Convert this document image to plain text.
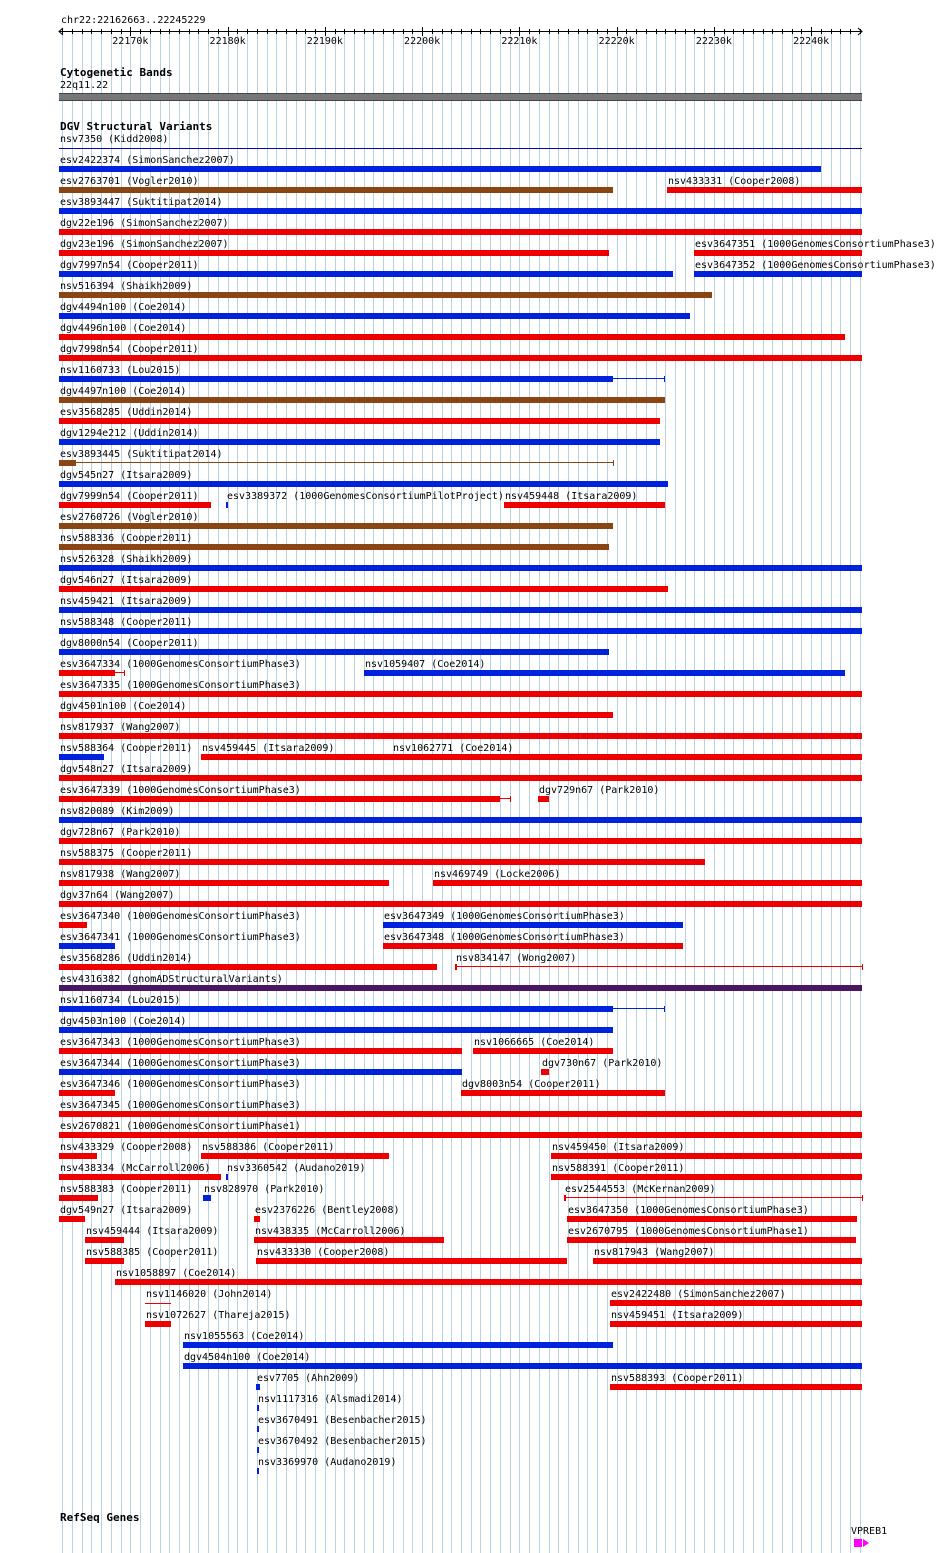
chr22:22162663..22245229
22170k	22180k	22190k	22200k	22210k	22220k	22230k	22240k
Cytogenetic Bands
22q11.22
DGV Structural Variants
nsv7350 (Kidd2008)
esv2422374 (SimonSanchez2007)
esv2763701 (Vogler2010)	nsv433331 (Cooper2008)
esv3893447 (Suktitipat2014)
dgv22e196 (SimonSanchez2007)
dgv23e196 (SimonSanchez2007)	esv3647351 (1000GenomesConsortiumPhase3)
dgv7997n54 (Cooper2011)	esv3647352 (1000GenomesConsortiumPhase3)
nsv516394 (Shaikh2009)
dgv4494n100 (Coe2014)
dgv4496n100 (Coe2014)
dgv7998n54 (Cooper2011)
nsv1160733 (Lou2015)
dgv4497n100 (Coe2014)
esv3568285 (Uddin2014)
dgv1294e212 (Uddin2014)
esv3893445 (Suktitipat2014)
dgv545n27 (Itsara2009)
dgv7999n54 (Cooper2011)	esv3389372 (1000GenomesConsortiumPilotProject) nsv459448 (Itsara2009)
esv2760726 (Vogler2010)
nsv588336 (Cooper2011)
nsv526328 (Shaikh2009)
dgv546n27 (Itsara2009)
nsv459421 (Itsara2009)
nsv588348 (Cooper2011)
dgv8000n54 (Cooper2011)
esv3647334 (1000GenomesConsortiumPhase3)	nsv1059407 (Coe2014)
esv3647335 (1000GenomesConsortiumPhase3)
dgv4501n100 (Coe2014)
nsv817937 (Wang2007)
nsv588364 (Cooper2011) nsv459445 (Itsara2009)	nsv1062771 (Coe2014)
dgv548n27 (Itsara2009)
esv3647339 (1000GenomesConsortiumPhase3)	dgv729n67 (Park2010)
nsv820089 (Kim2009)
dgv728n67 (Park2010)
nsv588375 (Cooper2011)
nsv817938 (Wang2007)	nsv469749 (Locke2006)
dgv37n64 (Wang2007)
esv3647340 (1000GenomesConsortiumPhase3)	esv3647349 (1000GenomesConsortiumPhase3)
esv3647341 (1000GenomesConsortiumPhase3)	esv3647348 (1000GenomesConsortiumPhase3)
esv3568286 (Uddin2014)	nsv834147 (Wong2007)
esv4316382 (gnomADStructuralVariants)
nsv1160734 (Lou2015)
dgv4503n100 (Coe2014)
esv3647343 (1000GenomesConsortiumPhase3)	nsv1066665 (Coe2014)
esv3647344 (1000GenomesConsortiumPhase3)	dgv730n67 (Park2010)
esv3647346 (1000GenomesConsortiumPhase3)	dgv8003n54 (Cooper2011)
esv3647345 (1000GenomesConsortiumPhase3)
esv2670821 (1000GenomesConsortiumPhase1)
nsv433329 (Cooper2008) nsv588386 (Cooper2011)	nsv459450 (Itsara2009)
nsv438334 (McCarroll2006) nsv3360542 (Audano2019)	nsv588391 (Cooper2011)
nsv588383 (Cooper2011) nsv828970 (Park2010)	esv2544553 (McKernan2009)
dgv549n27 (Itsara2009)	esv2376226 (Bentley2008)	esv3647350 (1000GenomesConsortiumPhase3)
nsv459444 (Itsara2009)	nsv438335 (McCarroll2006)	esv2670795 (1000GenomesConsortiumPhase1)
nsv588385 (Cooper2011)	nsv433330 (Cooper2008)	nsv817943 (Wang2007)
nsv1058897 (Coe2014)
nsv1146020 (John2014)	esv2422480 (SimonSanchez2007)
nsv1072627 (Thareja2015)	nsv459451 (Itsara2009)
nsv1055563 (Coe2014)
dgv4504n100 (Coe2014)
esv7705 (Ahn2009)	nsv588393 (Cooper2011)
nsv1117316 (Alsmadi2014)
esv3670491 (Besenbacher2015)
esv3670492 (Besenbacher2015)
nsv3369970 (Audano2019)
RefSeq Genes
VPREB1
